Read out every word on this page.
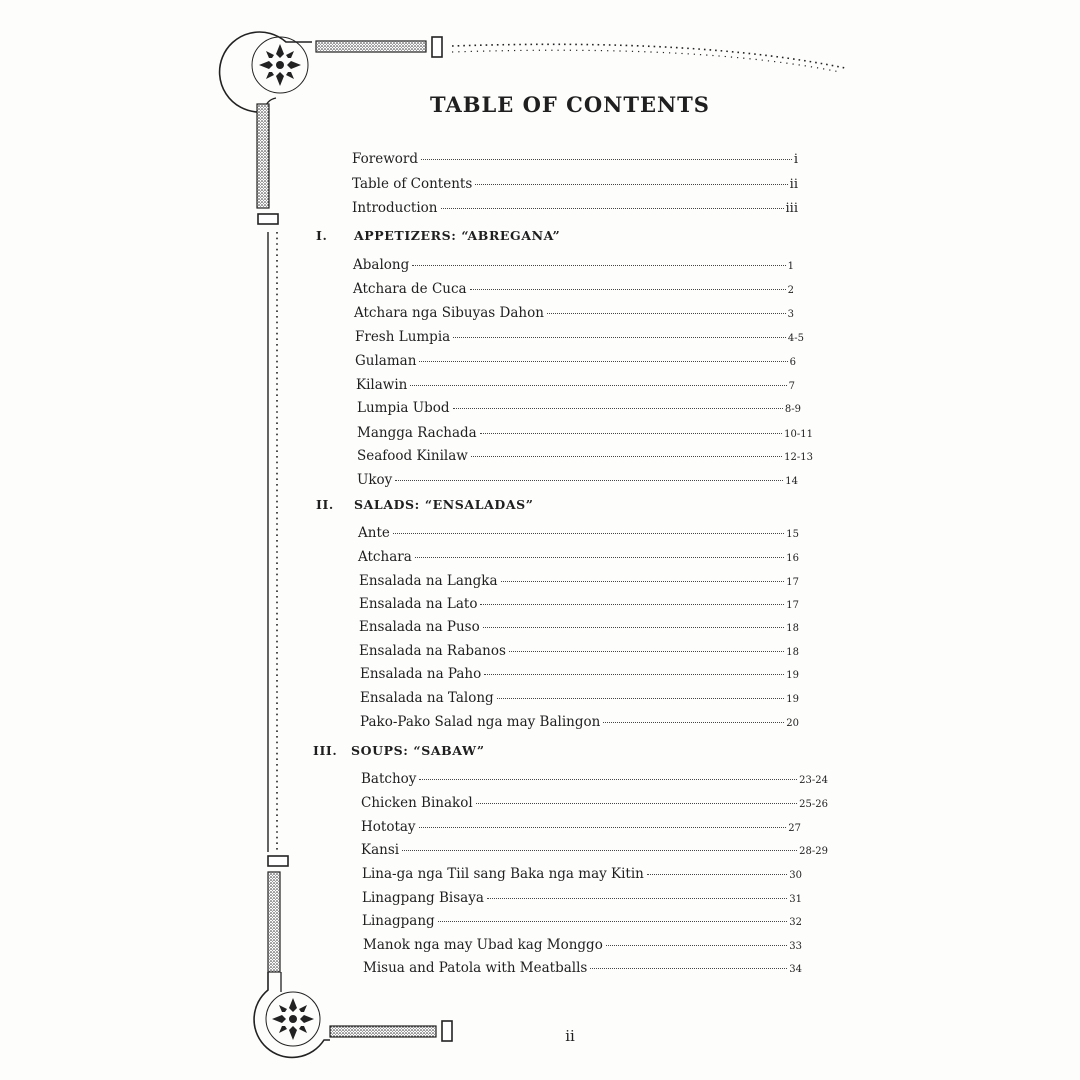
TABLE OF CONTENTS
Foreword	i
Table of Contents	ii
Introduction	iii
I. APPETIZERS: “ABREGANA”
Abalong	1
Atchara de Cuca	2
Atchara nga Sibuyas Dahon	3
Fresh Lumpia	4-5
Gulaman	6
Kilawin	7
Lumpia Ubod	8-9
Mangga Rachada	10-11
Seafood Kinilaw	12-13
Ukoy	14
II. SALADS: “ENSALADAS”
Ante	15
Atchara	16
Ensalada na Langka	17
Ensalada na Lato	17
Ensalada na Puso	18
Ensalada na Rabanos	18
Ensalada na Paho	19
Ensalada na Talong	19
Pako-Pako Salad nga may Balingon	20
III. SOUPS: “SABAW”
Batchoy	23-24
Chicken Binakol	25-26
Hototay	27
Kansi	28-29
Lina-ga nga Tiil sang Baka nga may Kitin	30
Linagpang Bisaya	31
Linagpang	32
Manok nga may Ubad kag Monggo	33
Misua and Patola with Meatballs	34
ii
